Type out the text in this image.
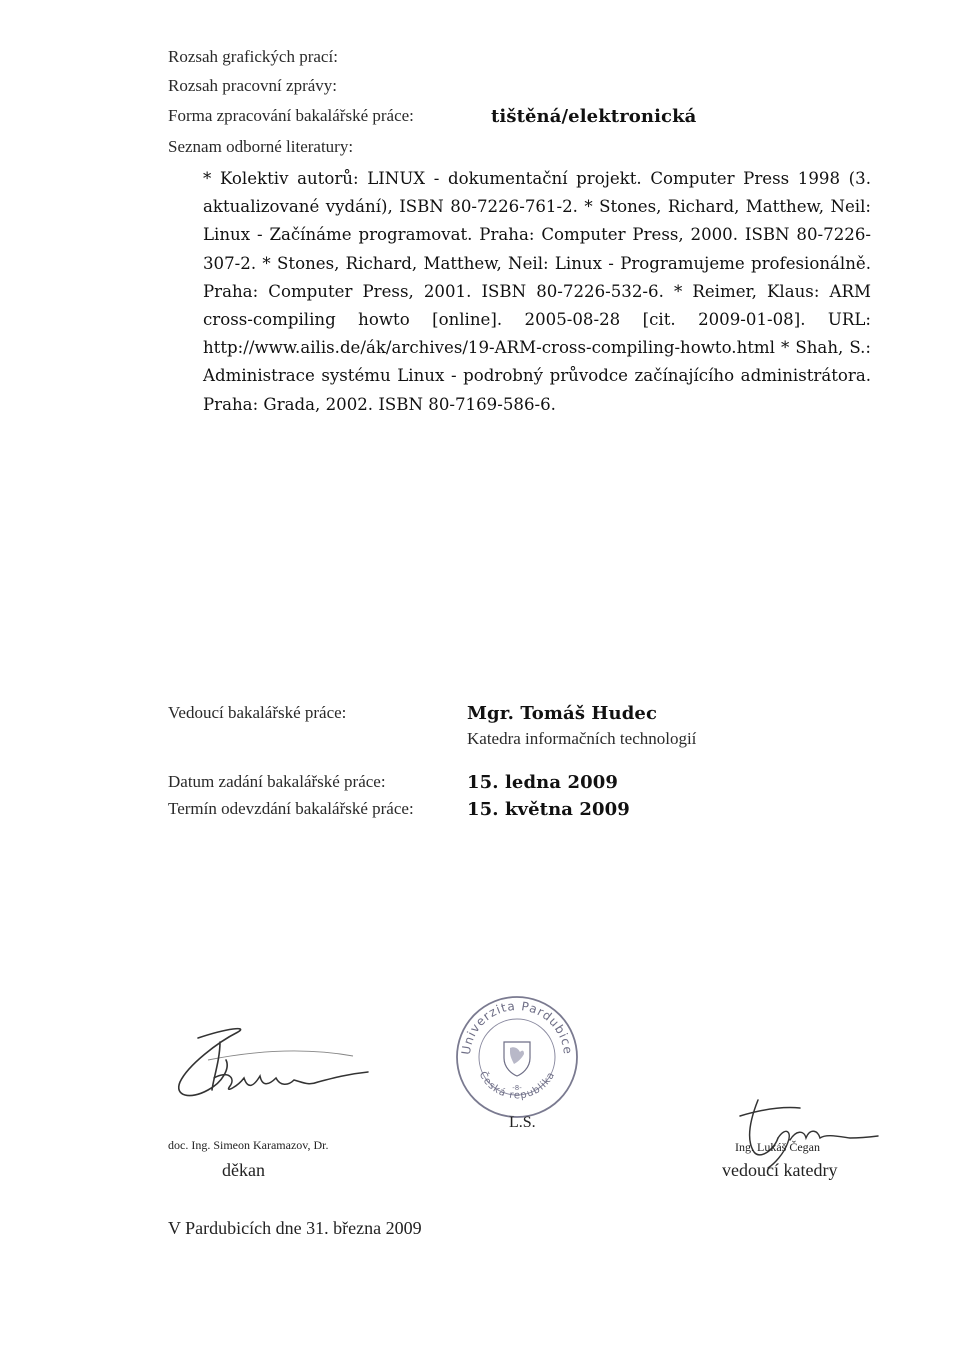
Rozsah grafických prací:
Rozsah pracovní zprávy:
Forma zpracování bakalářské práce:	tištěná/elektronická
Seznam odborné literatury:
* Kolektiv autorů: LINUX - dokumentační projekt. Computer Press 1998 (3. aktualizované vydání), ISBN 80-7226-761-2. * Stones, Richard, Matthew, Neil: Linux - Začínáme programovat. Praha: Computer Press, 2000. ISBN 80-7226-307-2. * Stones, Richard, Matthew, Neil: Linux - Programujeme profesionálně. Praha: Computer Press, 2001. ISBN 80-7226-532-6. * Reimer, Klaus: ARM cross-compiling howto [online]. 2005-08-28 [cit. 2009-01-08]. URL: http://www.ailis.de/ák/archives/19-ARM-cross-compiling-howto.html * Shah, S.: Administrace systému Linux - podrobný průvodce začínajícího administrátora. Praha: Grada, 2002. ISBN 80-7169-586-6.
Vedoucí bakalářské práce:	Mgr. Tomáš Hudec
Katedra informačních technologií
Datum zadání bakalářské práce:	15. ledna 2009
Termín odevzdání bakalářské práce:	15. května 2009
Univerzita Pardubice
Česká republika
-8-
L.S.
doc. Ing. Simeon Karamazov, Dr.
děkan
Ing. Lukáš Čegan
vedoucí katedry
V Pardubicích dne 31. března 2009
